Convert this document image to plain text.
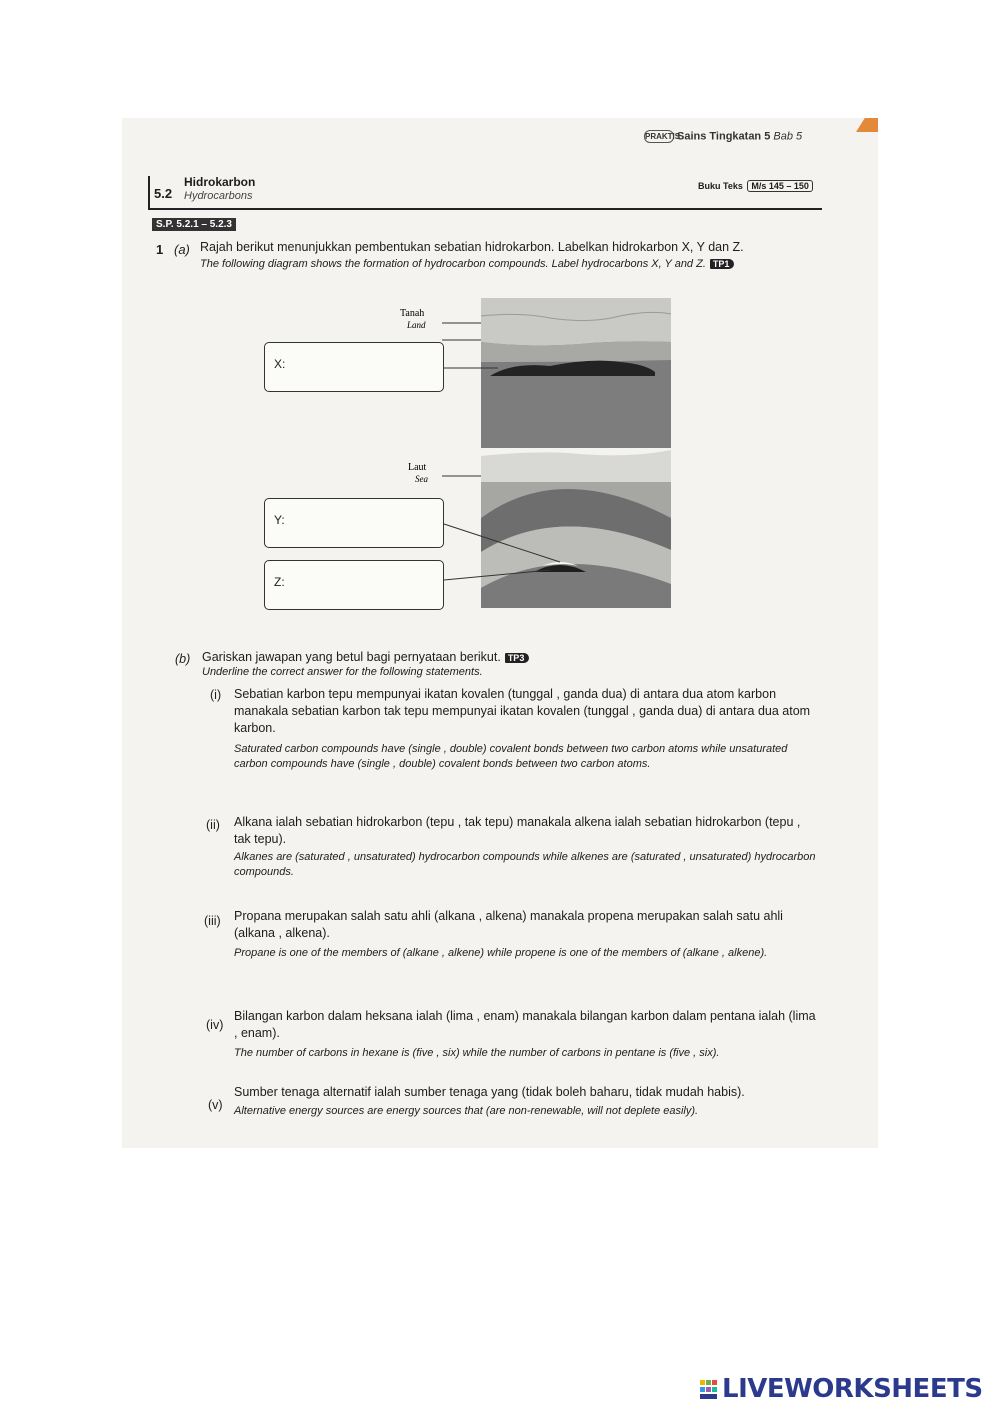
PRAKTISSains Tingkatan 5 Bab 5
5.2
Hidrokarbon
Hydrocarbons
Buku Teks M/s 145 – 150
S.P. 5.2.1 – 5.2.3
1 (a) Rajah berikut menunjukkan pembentukan sebatian hidrokarbon. Labelkan hidrokarbon X, Y dan Z.
The following diagram shows the formation of hydrocarbon compounds. Label hydrocarbons X, Y and Z. TP1
Tanah
Land
Laut
Sea
X:
Y:
Z:
(b) Gariskan jawapan yang betul bagi pernyataan berikut. TP3
Underline the correct answer for the following statements.
(i) Sebatian karbon tepu mempunyai ikatan kovalen (tunggal , ganda dua) di antara dua atom karbon manakala sebatian karbon tak tepu mempunyai ikatan kovalen (tunggal , ganda dua) di antara dua atom karbon.
Saturated carbon compounds have (single , double) covalent bonds between two carbon atoms while unsaturated carbon compounds have (single , double) covalent bonds between two carbon atoms.
(ii) Alkana ialah sebatian hidrokarbon (tepu , tak tepu) manakala alkena ialah sebatian hidrokarbon (tepu , tak tepu).
Alkanes are (saturated , unsaturated) hydrocarbon compounds while alkenes are (saturated , unsaturated) hydrocarbon compounds.
(iii) Propana merupakan salah satu ahli (alkana , alkena) manakala propena merupakan salah satu ahli (alkana , alkena).
Propane is one of the members of (alkane , alkene) while propene is one of the members of (alkane , alkene).
(iv)
Bilangan karbon dalam heksana ialah (lima , enam) manakala bilangan karbon dalam pentana ialah (lima , enam).
The number of carbons in hexane is (five , six) while the number of carbons in pentane is (five , six).
(v)
Sumber tenaga alternatif ialah sumber tenaga yang (tidak boleh baharu, tidak mudah habis).
Alternative energy sources are energy sources that (are non-renewable, will not deplete easily).
LIVEWORKSHEETS
